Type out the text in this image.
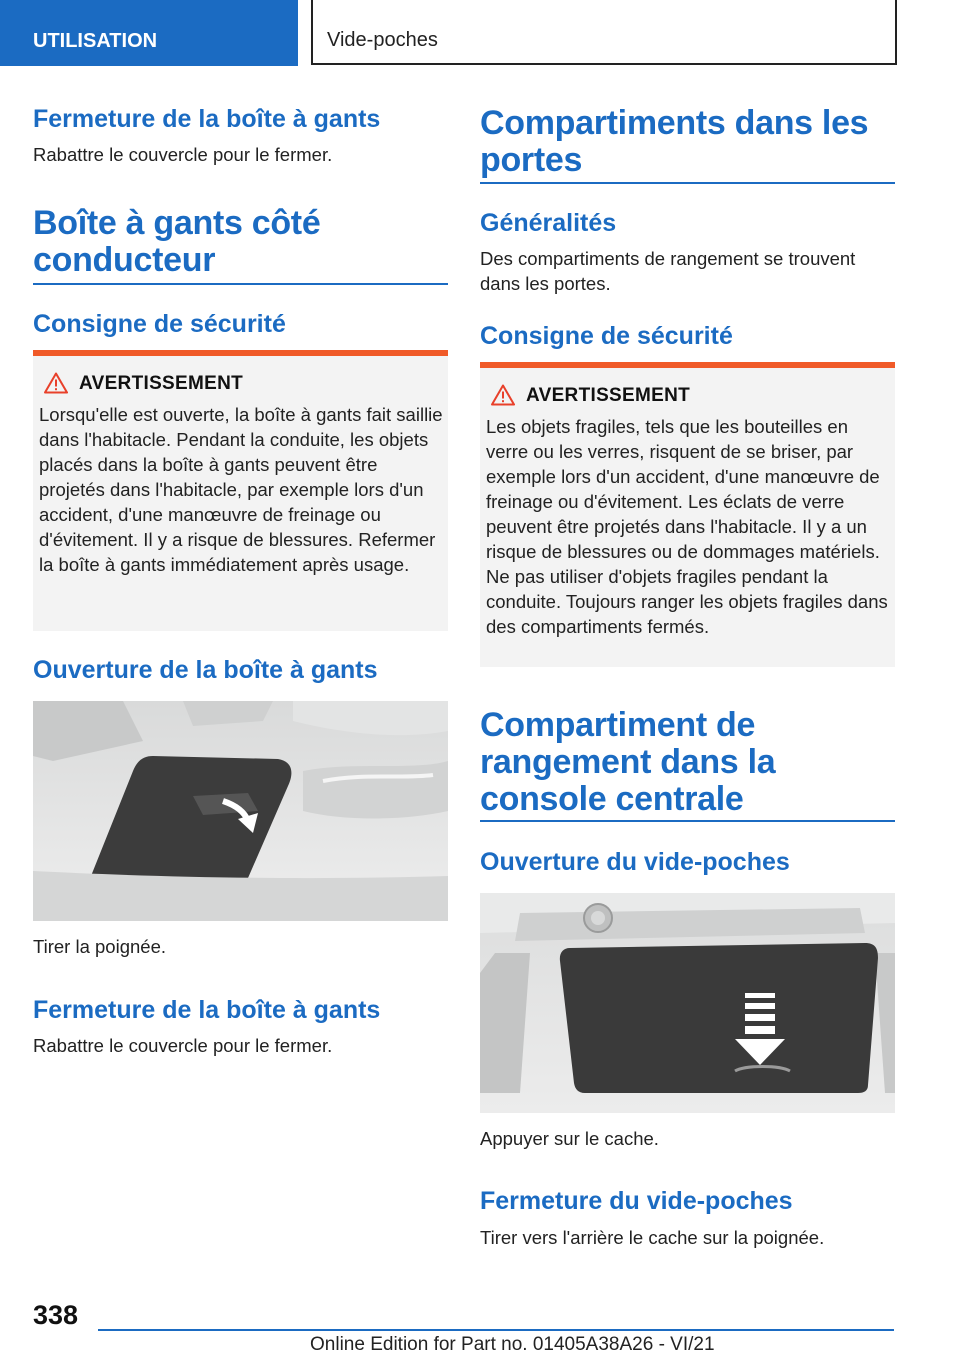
UTILISATION	Vide-poches
Fermeture de la boîte à gants
Rabattre le couvercle pour le fermer.
Boîte à gants côté conducteur
Consigne de sécurité
AVERTISSEMENT
Lorsqu'elle est ouverte, la boîte à gants fait saillie dans l'habitacle. Pendant la conduite, les objets placés dans la boîte à gants peuvent être projetés dans l'habitacle, par exemple lors d'un accident, d'une manœuvre de freinage ou d'évitement. Il y a risque de blessures. Refermer la boîte à gants immédiatement après usage.
Ouverture de la boîte à gants
Tirer la poignée.
Fermeture de la boîte à gants
Rabattre le couvercle pour le fermer.
Compartiments dans les portes
Généralités
Des compartiments de rangement se trouvent dans les portes.
Consigne de sécurité
AVERTISSEMENT
Les objets fragiles, tels que les bouteilles en verre ou les verres, risquent de se briser, par exemple lors d'un accident, d'une manœuvre de freinage ou d'évitement. Les éclats de verre peuvent être projetés dans l'habitacle. Il y a un risque de blessures ou de dommages matériels. Ne pas utiliser d'objets fragiles pendant la conduite. Toujours ranger les objets fragiles dans des compartiments fermés.
Compartiment de rangement dans la console centrale
Ouverture du vide-poches
Appuyer sur le cache.
Fermeture du vide-poches
Tirer vers l'arrière le cache sur la poignée.
338
Online Edition for Part no. 01405A38A26 - VI/21
